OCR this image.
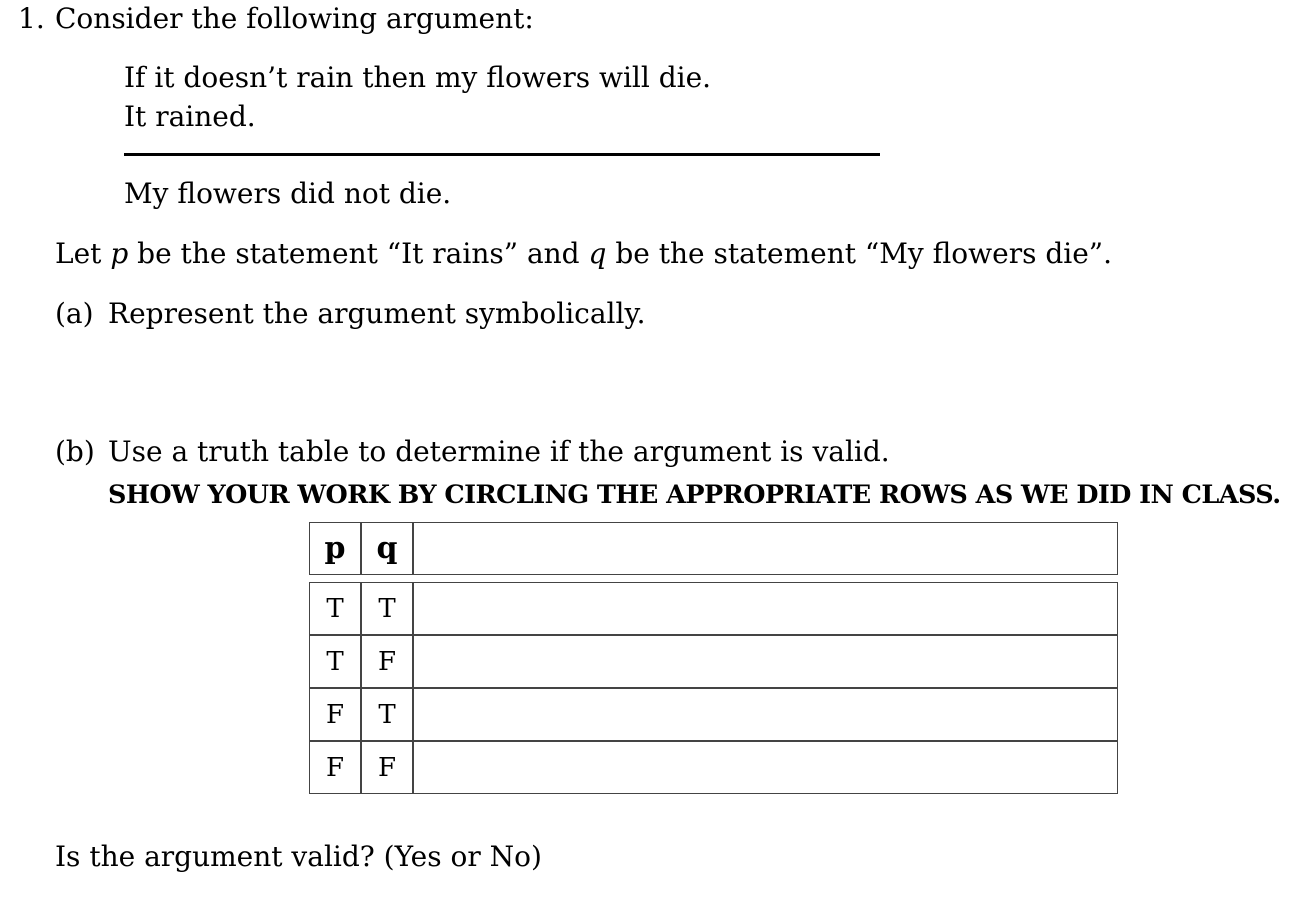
1. Consider the following argument:
If it doesn’t rain then my flowers will die.
It rained.
My flowers did not die.
Let p be the statement “It rains” and q be the statement “My flowers die”.
(a) Represent the argument symbolically.
(b) Use a truth table to determine if the argument is valid.
SHOW YOUR WORK BY CIRCLING THE APPROPRIATE ROWS AS WE DID IN CLASS.
p	q	
T	T	
T	F	
F	T	
F	F	
Is the argument valid? (Yes or No)
